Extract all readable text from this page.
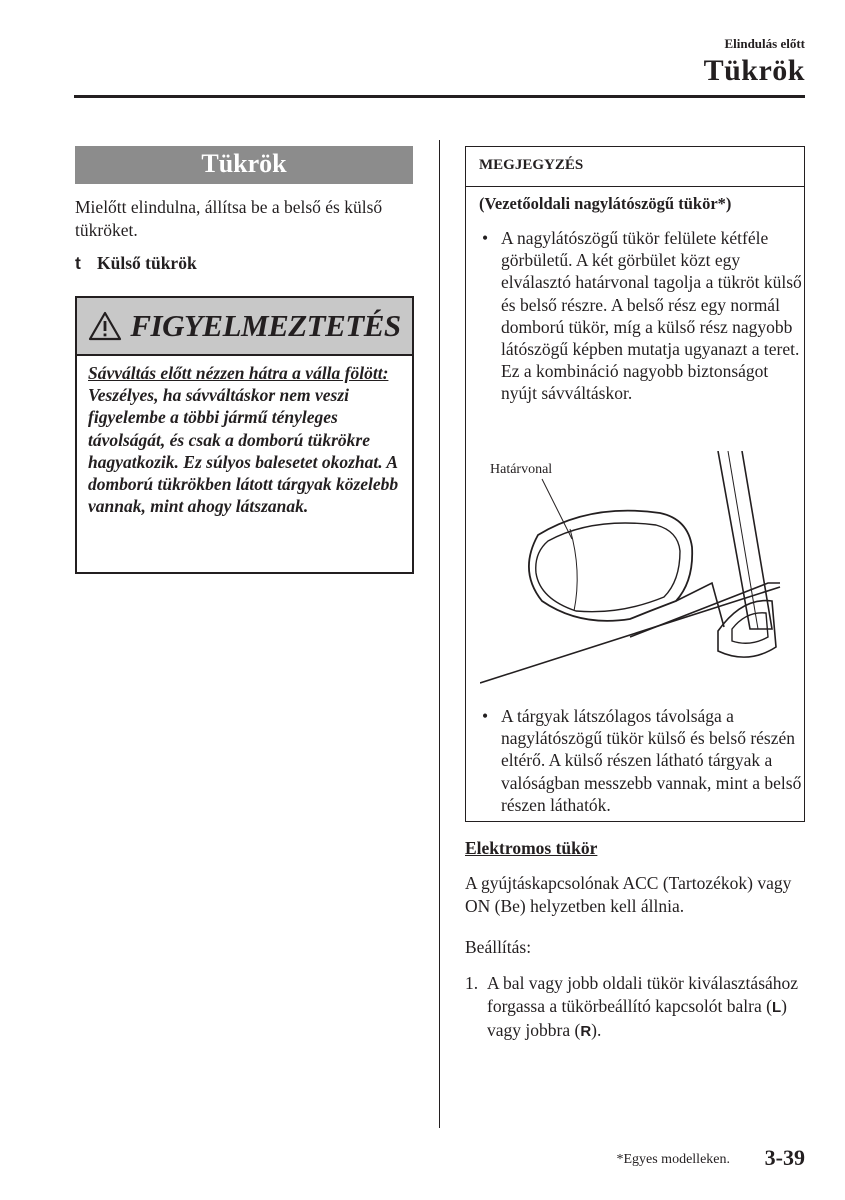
Elindulás előtt
Tükrök
Tükrök

Mielőtt elindulna, állítsa be a belső és külső tükröket.

t Külső tükrök
FIGYELMEZTETÉS
Sávváltás előtt nézzen hátra a válla fölött:
Veszélyes, ha sávváltáskor nem veszi figyelembe a többi jármű tényleges távolságát, és csak a domború tükrökre hagyatkozik. Ez súlyos balesetet okozhat. A domború tükrökben látott tárgyak közelebb vannak, mint ahogy látszanak.
MEGJEGYZÉS
(Vezetőoldali nagylátószögű tükör*)
• A nagylátószögű tükör felülete kétféle görbületű. A két görbület közt egy elválasztó határvonal tagolja a tükröt külső és belső részre. A belső rész egy normál domború tükör, míg a külső rész nagyobb látószögű képben mutatja ugyanazt a teret. Ez a kombináció nagyobb biztonságot nyújt sávváltáskor.
Határvonal
• A tárgyak látszólagos távolsága a nagylátószögű tükör külső és belső részén eltérő. A külső részen látható tárgyak a valóságban messzebb vannak, mint a belső részen láthatók.
Elektromos tükör

A gyújtáskapcsolónak ACC (Tartozékok) vagy ON (Be) helyzetben kell állnia.

Beállítás:

1. A bal vagy jobb oldali tükör kiválasztásához forgassa a tükörbeállító kapcsolót balra (L) vagy jobbra (R).
*Egyes modelleken. 3-39
